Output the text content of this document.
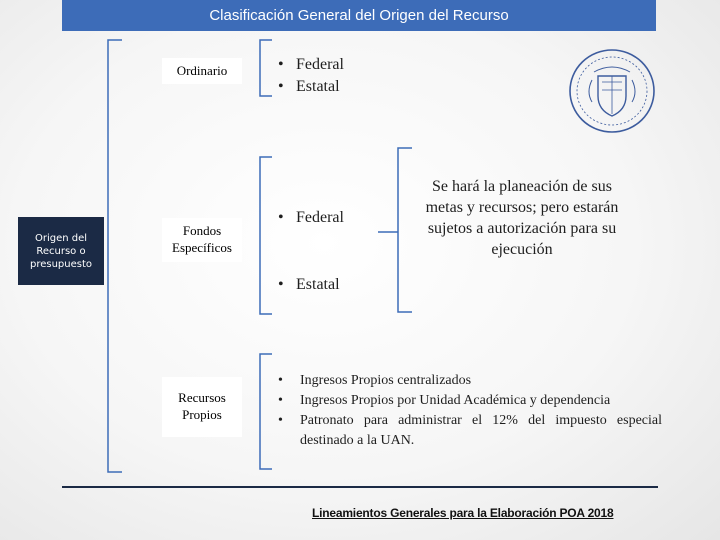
Clasificación General del Origen del Recurso
Origen del Recurso o presupuesto
Ordinario	• Federal
• Estatal
Fondos Específicos
• Federal
• Estatal
Se hará la planeación de sus metas y recursos; pero estarán sujetos a autorización para su ejecución
Recursos Propios
•	Ingresos Propios centralizados
•	Ingresos Propios por Unidad Académica y dependencia
•	Patronato para administrar el 12% del impuesto especial destinado a la UAN.
Lineamientos Generales para la Elaboración POA 2018
